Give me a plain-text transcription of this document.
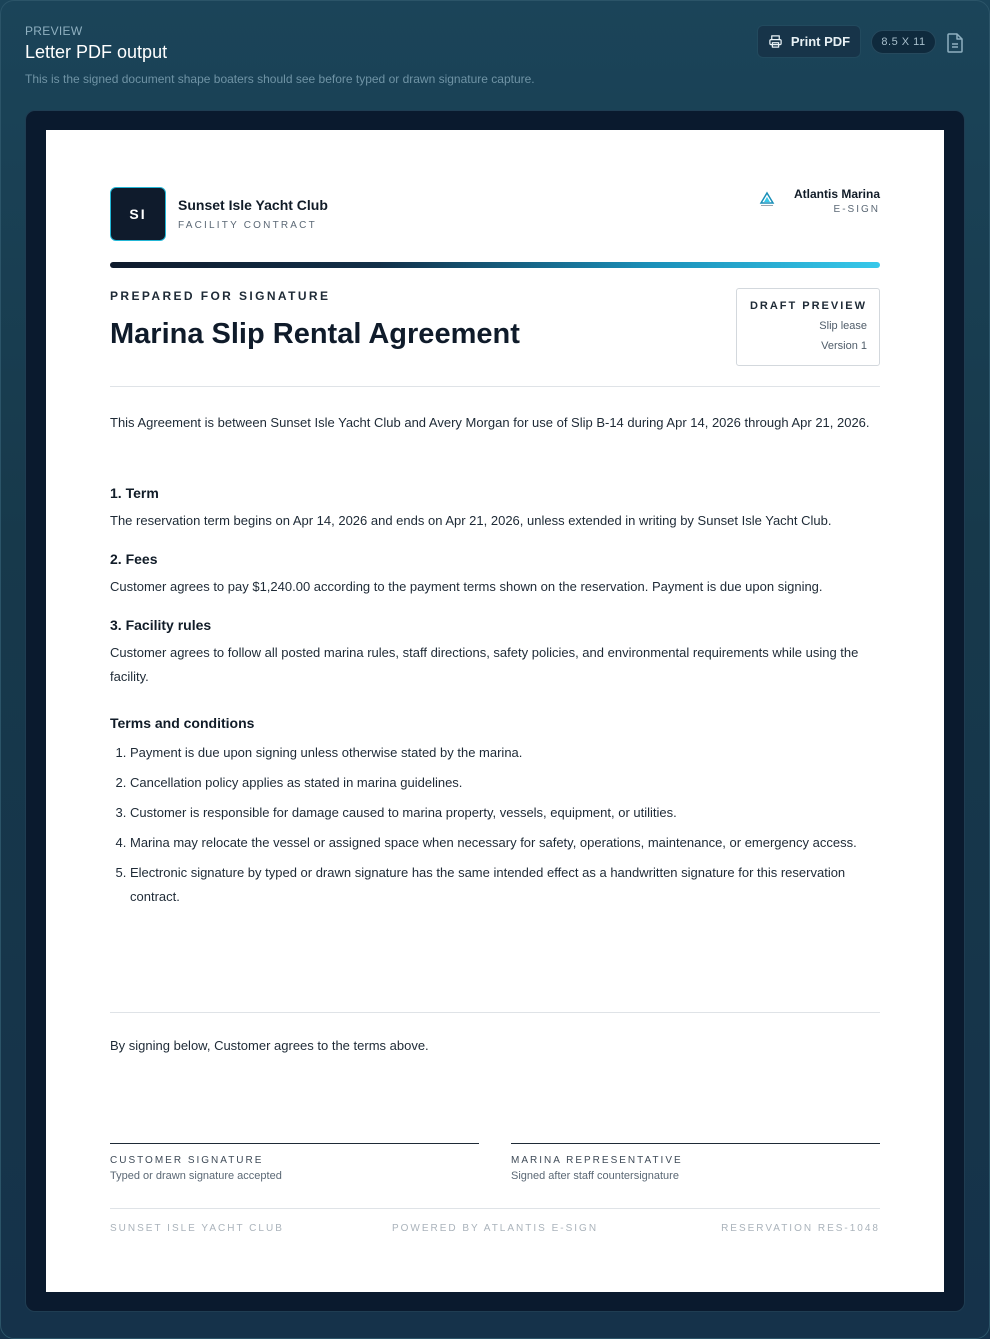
PREVIEW
Letter PDF output
This is the signed document shape boaters should see before typed or drawn signature capture.
Print PDF	8.5 X 11
SI
Sunset Isle Yacht Club
FACILITY CONTRACT
Atlantis Marina
E-SIGN
PREPARED FOR SIGNATURE
Marina Slip Rental Agreement
DRAFT PREVIEW
Slip lease
Version 1
This Agreement is between Sunset Isle Yacht Club and Avery Morgan for use of Slip B-14 during Apr 14, 2026 through Apr 21, 2026.
1. Term
The reservation term begins on Apr 14, 2026 and ends on Apr 21, 2026, unless extended in writing by Sunset Isle Yacht Club.
2. Fees
Customer agrees to pay $1,240.00 according to the payment terms shown on the reservation. Payment is due upon signing.
3. Facility rules
Customer agrees to follow all posted marina rules, staff directions, safety policies, and environmental requirements while using the facility.
Terms and conditions
1. Payment is due upon signing unless otherwise stated by the marina.
2. Cancellation policy applies as stated in marina guidelines.
3. Customer is responsible for damage caused to marina property, vessels, equipment, or utilities.
4. Marina may relocate the vessel or assigned space when necessary for safety, operations, maintenance, or emergency access.
5. Electronic signature by typed or drawn signature has the same intended effect as a handwritten signature for this reservation contract.
By signing below, Customer agrees to the terms above.
CUSTOMER SIGNATURE
Typed or drawn signature accepted
MARINA REPRESENTATIVE
Signed after staff countersignature
SUNSET ISLE YACHT CLUB	POWERED BY ATLANTIS E-SIGN	RESERVATION RES-1048
